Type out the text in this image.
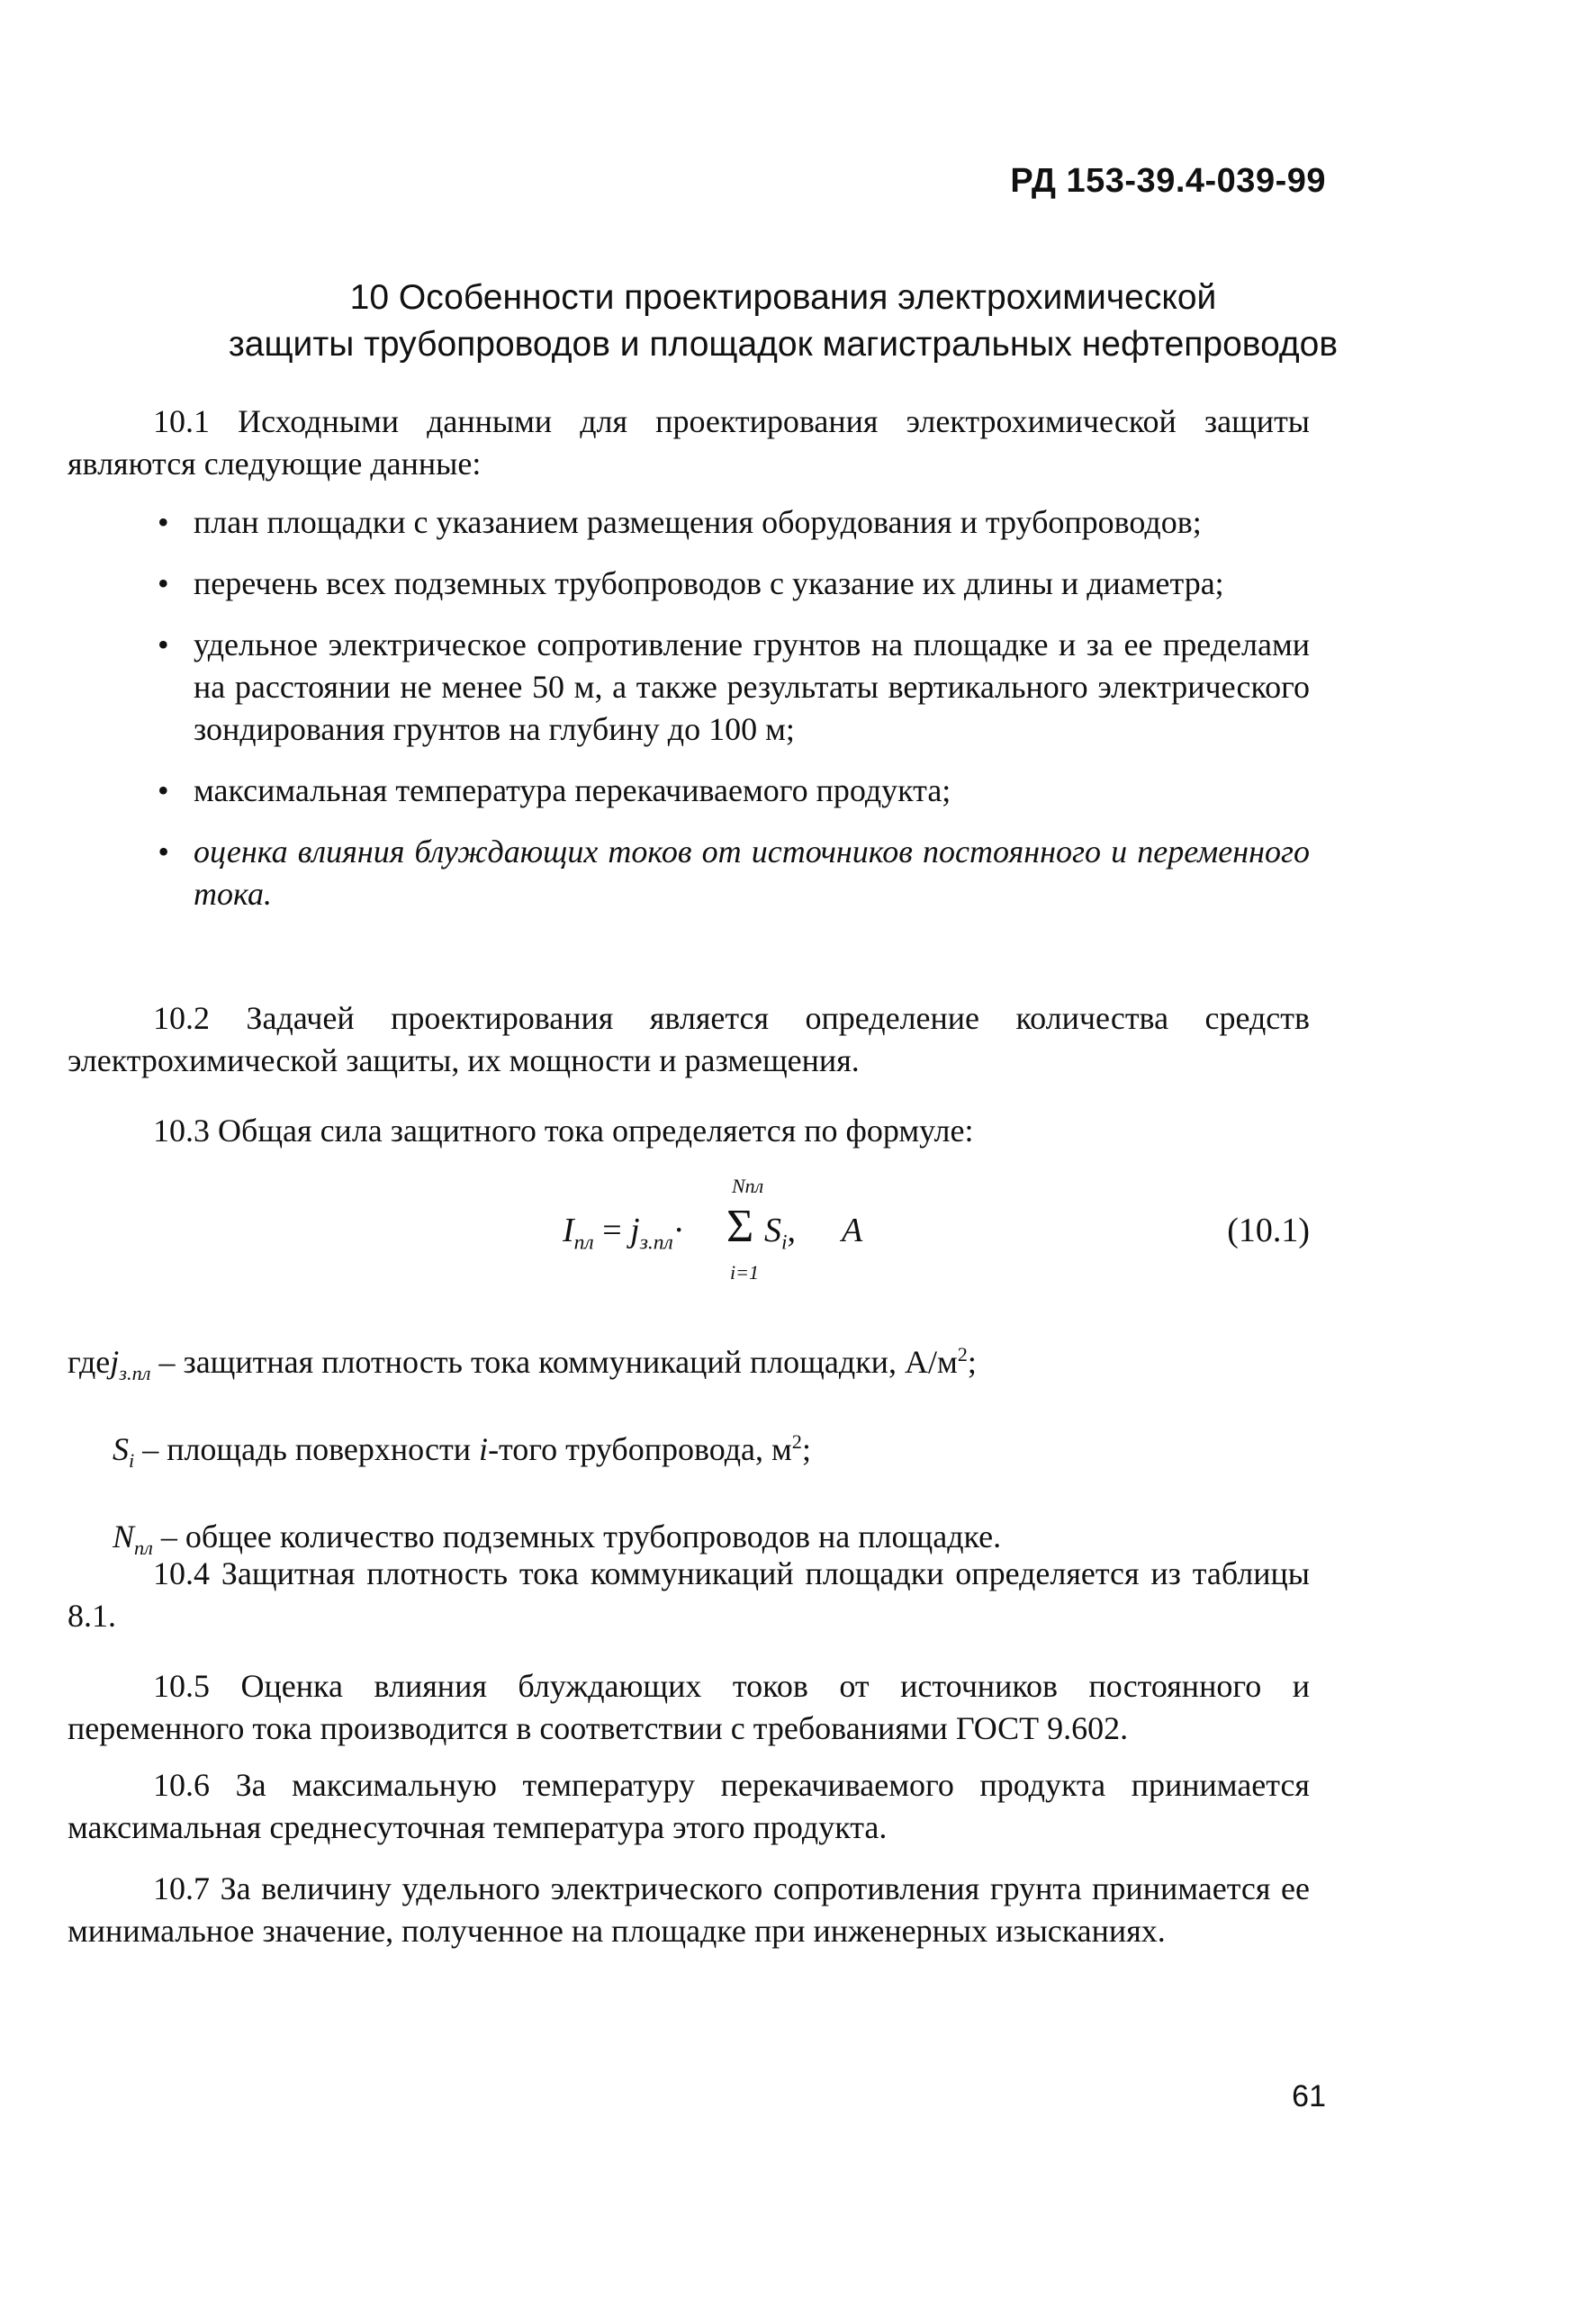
РД 153-39.4-039-99
10 Особенности проектирования электрохимической
защиты трубопроводов и площадок магистральных нефтепроводов

10.1 Исходными данными для проектирования электрохимической защиты являются следующие данные:

• план площадки с указанием размещения оборудования и трубопроводов;
• перечень всех подземных трубопроводов с указание их длины и диаметра;
• удельное электрическое сопротивление грунтов на площадке и за ее пределами на расстоянии не менее 50 м, а также результаты вертикального электрического зондирования грунтов на глубину до 100 м;
• максимальная температура перекачиваемого продукта;
• оценка влияния блуждающих токов от источников постоянного и переменного тока.

10.2 Задачей проектирования является определение количества средств электрохимической защиты, их мощности и размещения.

10.3 Общая сила защитного тока определяется по формуле:

$I_{пл} = j_{з.пл}\cdot$
Nпл
Σ
i=1
$S_i$, А	(10.1)

гдеj$_{з.пл}$ – защитная плотность тока коммуникаций площадки, $А/м^2$;

$S_i$ – площадь поверхности i-того трубопровода, $м^2$;

$N_{пл}$ – общее количество подземных трубопроводов на площадке.

10.4 Защитная плотность тока коммуникаций площадки определяется из таблицы 8.1.

10.5 Оценка влияния блуждающих токов от источников постоянного и переменного тока производится в соответствии с требованиями ГОСТ 9.602.

10.6 За максимальную температуру перекачиваемого продукта принимается максимальная среднесуточная температура этого продукта.

10.7 За величину удельного электрического сопротивления грунта принимается ее минимальное значение, полученное на площадке при инженерных изысканиях.

61
